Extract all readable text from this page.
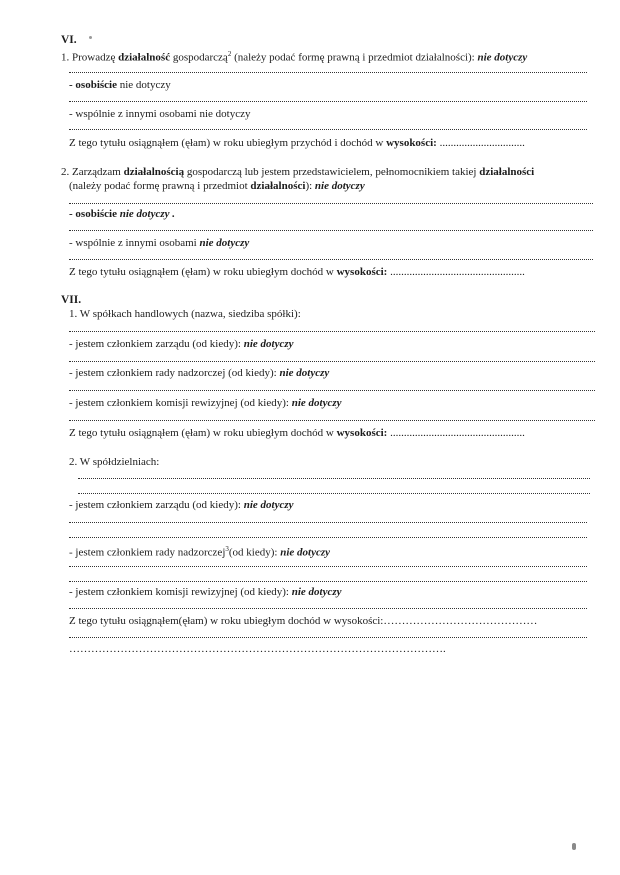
VI.
1. Prowadzę działalność gospodarczą$^2$ (należy podać formę prawną i przedmiot działalności): nie dotyczy
- osobiście nie dotyczy
- wspólnie z innymi osobami nie dotyczy
Z tego tytułu osiągnąłem (ęłam) w roku ubiegłym przychód i dochód w wysokości: ...............................
2. Zarządzam działalnością gospodarczą lub jestem przedstawicielem, pełnomocnikiem takiej działalności
(należy podać formę prawną i przedmiot działalności): nie dotyczy
- osobiście nie dotyczy .
- wspólnie z innymi osobami nie dotyczy
Z tego tytułu osiągnąłem (ęłam) w roku ubiegłym dochód w wysokości: .................................................
VII.
1. W spółkach handlowych (nazwa, siedziba spółki):
- jestem członkiem zarządu (od kiedy): nie dotyczy
- jestem członkiem rady nadzorczej (od kiedy): nie dotyczy
- jestem członkiem komisji rewizyjnej (od kiedy): nie dotyczy
Z tego tytułu osiągnąłem (ęłam) w roku ubiegłym dochód w wysokości: .................................................
2. W spółdzielniach:
- jestem członkiem zarządu (od kiedy): nie dotyczy
- jestem członkiem rady nadzorczej$^3$(od kiedy): nie dotyczy
- jestem członkiem komisji rewizyjnej (od kiedy): nie dotyczy
Z tego tytułu osiągnąłem(ęłam) w roku ubiegłym dochód w wysokości:……………………………………
………………………………………………………………………………………….
